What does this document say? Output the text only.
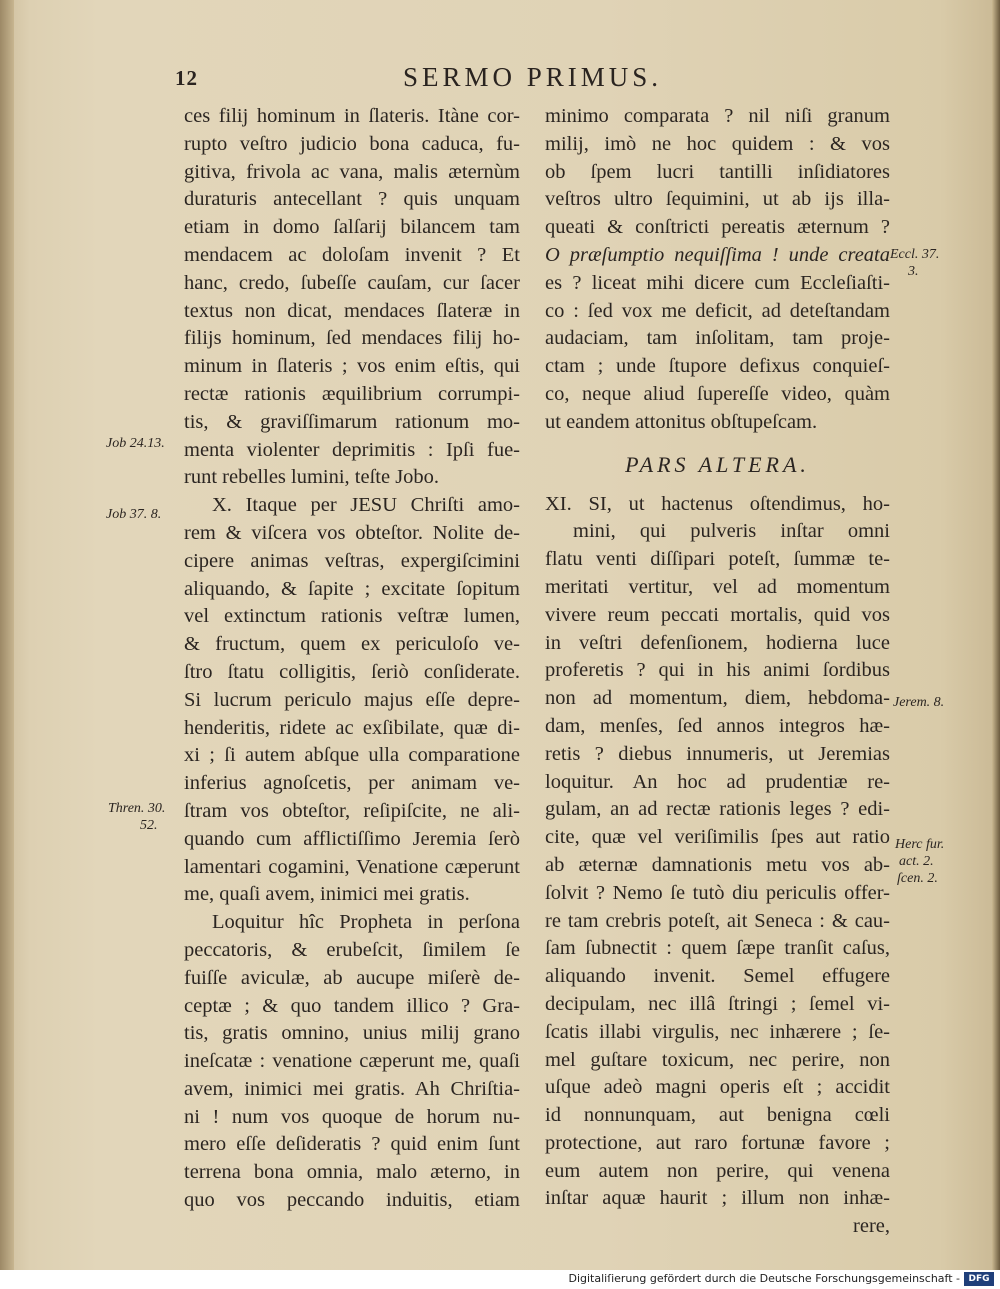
12	SERMO PRIMUS.
ces filij hominum in ſlateris. Itàne cor-
rupto veſtro judicio bona caduca, fu-
gitiva, frivola ac vana, malis æternùm
duraturis antecellant ? quis unquam
etiam in domo ſalſarij bilancem tam
mendacem ac doloſam invenit ? Et
hanc, credo, ſubeſſe cauſam, cur ſacer
textus non dicat, mendaces ſlateræ in
filijs hominum, ſed mendaces filij ho-
minum in ſlateris ; vos enim eſtis, qui
rectæ rationis æquilibrium corrumpi-
tis, & graviſſimarum rationum mo-
menta violenter deprimitis : Ipſi fue-
runt rebelles lumini, teſte Jobo.
X. Itaque per JESU Chriſti amo-
rem & viſcera vos obteſtor. Nolite de-
cipere animas veſtras, expergiſcimini
aliquando, & ſapite ; excitate ſopitum
vel extinctum rationis veſtræ lumen,
& fructum, quem ex periculoſo ve-
ſtro ſtatu colligitis, ſeriò conſiderate.
Si lucrum periculo majus eſſe depre-
henderitis, ridete ac exſibilate, quæ di-
xi ; ſi autem abſque ulla comparatione
inferius agnoſcetis, per animam ve-
ſtram vos obteſtor, reſipiſcite, ne ali-
quando cum afflictiſſimo Jeremia ſerò
lamentari cogamini, Venatione cæperunt
me, quaſi avem, inimici mei gratis.
Loquitur hîc Propheta in perſona
peccatoris, & erubeſcit, ſimilem ſe
fuiſſe aviculæ, ab aucupe miſerè de-
ceptæ ; & quo tandem illico ? Gra-
tis, gratis omnino, unius milij grano
ineſcatæ : venatione cæperunt me, quaſi
avem, inimici mei gratis. Ah Chriſtia-
ni ! num vos quoque de horum nu-
mero eſſe deſideratis ? quid enim ſunt
terrena bona omnia, malo æterno, in
quo vos peccando induitis, etiam
minimo comparata ? nil niſi granum
milij, imò ne hoc quidem : & vos
ob ſpem lucri tantilli inſidiatores
veſtros ultro ſequimini, ut ab ijs illa-
queati & conſtricti pereatis æternum ?
O præſumptio nequiſſima ! unde creata
es ? liceat mihi dicere cum Eccleſiaſti-
co : ſed vox me deficit, ad deteſtandam
audaciam, tam inſolitam, tam proje-
ctam ; unde ſtupore defixus conquieſ-
co, neque aliud ſupereſſe video, quàm
ut eandem attonitus obſtupeſcam.
PARS ALTERA.
XI. SI, ut hactenus oſtendimus, ho-
mini, qui pulveris inſtar omni
flatu venti diſſipari poteſt, ſummæ te-
meritati vertitur, vel ad momentum
vivere reum peccati mortalis, quid vos
in veſtri defenſionem, hodierna luce
proferetis ? qui in his animi ſordibus
non ad momentum, diem, hebdoma-
dam, menſes, ſed annos integros hæ-
retis ? diebus innumeris, ut Jeremias
loquitur. An hoc ad prudentiæ re-
gulam, an ad rectæ rationis leges ? edi-
cite, quæ vel veriſimilis ſpes aut ratio
ab æternæ damnationis metu vos ab-
ſolvit ? Nemo ſe tutò diu periculis offer-
re tam crebris poteſt, ait Seneca : & cau-
ſam ſubnectit : quem ſæpe tranſit caſus,
aliquando invenit. Semel effugere
decipulam, nec illâ ſtringi ; ſemel vi-
ſcatis illabi virgulis, nec inhærere ; ſe-
mel guſtare toxicum, nec perire, non
uſque adeò magni operis eſt ; accidit
id nonnunquam, aut benigna cœli
protectione, aut raro fortunæ favore ;
eum autem non perire, qui venena
inſtar aquæ haurit ; illum non inhæ-
rere,
Job 24.13.
Job 37. 8.
Thren. 30.
52.
Eccl. 37.
3.
Jerem. 8.
Herc fur.
act. 2.
ſcen. 2.
Digitaliſierung gefördert durch die Deutsche Forschungsgemeinschaft - DFG
